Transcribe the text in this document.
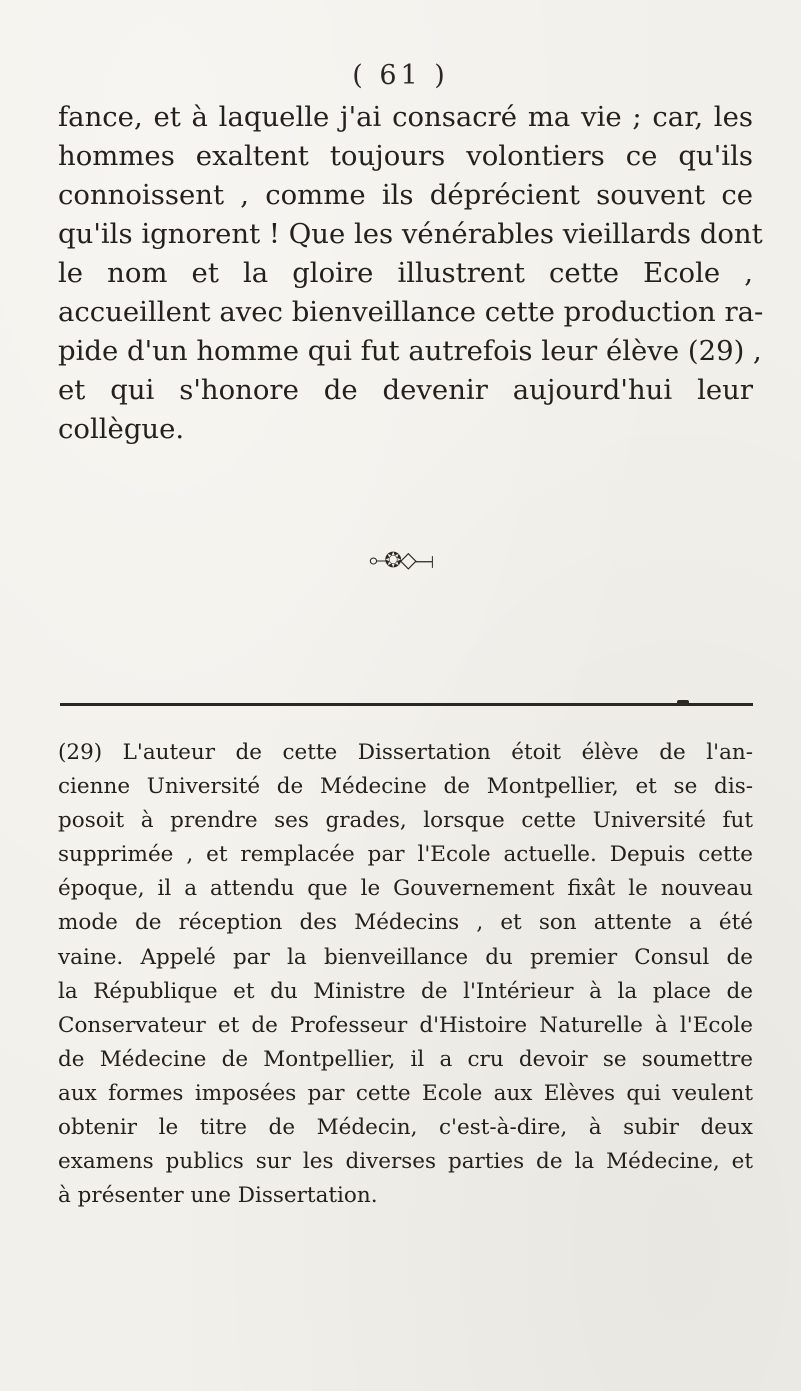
( 61 )
fance, et à laquelle j'ai consacré ma vie ; car, les
hommes exaltent toujours volontiers ce qu'ils
connoissent , comme ils déprécient souvent ce
qu'ils ignorent ! Que les vénérables vieillards dont
le nom et la gloire illustrent cette Ecole ,
accueillent avec bienveillance cette production ra-
pide d'un homme qui fut autrefois leur élève (29) ,
et qui s'honore de devenir aujourd'hui leur
collègue.
⟜❂◇⟞
(29) L'auteur de cette Dissertation étoit élève de l'an-
cienne Université de Médecine de Montpellier, et se dis-
posoit à prendre ses grades, lorsque cette Université fut
supprimée , et remplacée par l'Ecole actuelle. Depuis cette
époque, il a attendu que le Gouvernement fixât le nouveau
mode de réception des Médecins , et son attente a été
vaine. Appelé par la bienveillance du premier Consul de
la République et du Ministre de l'Intérieur à la place de
Conservateur et de Professeur d'Histoire Naturelle à l'Ecole
de Médecine de Montpellier, il a cru devoir se soumettre
aux formes imposées par cette Ecole aux Elèves qui veulent
obtenir le titre de Médecin, c'est-à-dire, à subir deux
examens publics sur les diverses parties de la Médecine, et
à présenter une Dissertation.
